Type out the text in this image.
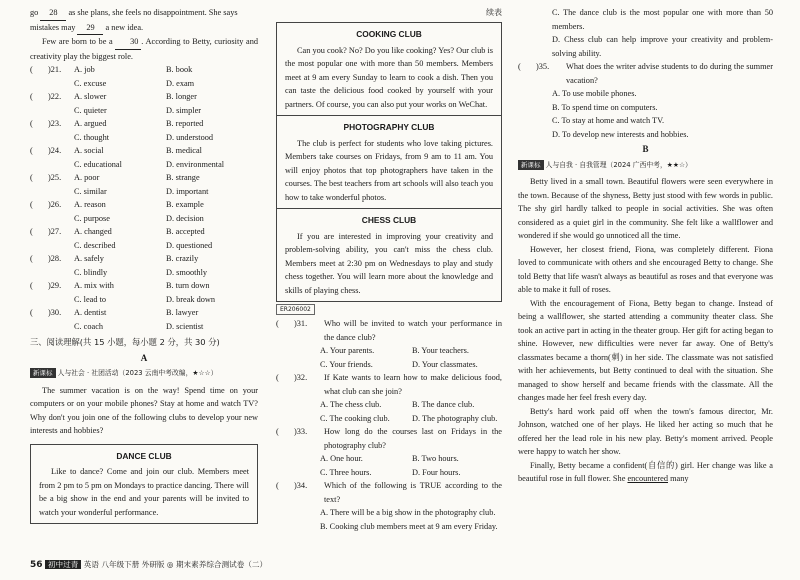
go 28 as she plans, she feels no disappointment. She says

mistakes may 29 a new idea.

Few are born to be a 30 . According to Betty, curiosity and creativity play the biggest role.

(	)21.	A. job	B. book
C. excuse	D. exam
(	)22.	A. slower	B. longer
C. quieter	D. simpler
(	)23.	A. argued	B. reported
C. thought	D. understood
(	)24.	A. social	B. medical
C. educational	D. environmental
(	)25.	A. poor	B. strange
C. similar	D. important
(	)26.	A. reason	B. example
C. purpose	D. decision
(	)27.	A. changed	B. accepted
C. described	D. questioned
(	)28.	A. safely	B. crazily
C. blindly	D. smoothly
(	)29.	A. mix with	B. turn down
C. lead to	D. break down
(	)30.	A. dentist	B. lawyer
C. coach	D. scientist

三、阅读理解(共 15 小题，每小题 2 分，共 30 分)

A

新课标 人与社会 · 社团活动（2023 云南中考改编，★☆☆）

The summer vacation is on the way! Spend time on your computers or on your mobile phones? Stay at home and watch TV? Why don't you join one of the following clubs to develop your new interests and hobbies?

DANCE CLUB

Like to dance? Come and join our club. Members meet from 2 pm to 5 pm on Mondays to practice dancing. There will be a big show in the end and your parents will be invited to watch your wonderful performance.

续表

COOKING CLUB

Can you cook? No? Do you like cooking? Yes? Our club is the most popular one with more than 50 members. Members meet at 9 am every Sunday to learn to cook a dish. Then you can taste the delicious food cooked by yourself with your partners. Of course, you can also put your works on WeChat.

PHOTOGRAPHY CLUB

The club is perfect for students who love taking pictures. Members take courses on Fridays, from 9 am to 11 am. You will enjoy photos that top photographers have taken in the courses. The best teachers from art schools will also teach you how to take wonderful photos.

CHESS CLUB

If you are interested in improving your creativity and problem-solving ability, you can't miss the chess club. Members meet at 2:30 pm on Wednesdays to play and study chess together. You will learn more about the knowledge and skills of playing chess.

ER206002
(	)31.	Who will be invited to watch your performance in the dance club?
A. Your parents.	B. Your teachers.
C. Your friends.	D. Your classmates.
(	)32.	If Kate wants to learn how to make delicious food, what club can she join?
A. The chess club.	B. The dance club.
C. The cooking club.	D. The photography club.
(	)33.	How long do the courses last on Fridays in the photography club?
A. One hour.	B. Two hours.
C. Three hours.	D. Four hours.
(	)34.	Which of the following is TRUE according to the text?
A. There will be a big show in the photography club.
B. Cooking club members meet at 9 am every Friday.

C. The dance club is the most popular one with more than 50 members.

D. Chess club can help improve your creativity and problem-solving ability.

(	)35.	What does the writer advise students to do during the summer vacation?

A. To use mobile phones.

B. To spend time on computers.

C. To stay at home and watch TV.

D. To develop new interests and hobbies.

B

新课标 人与自我 · 自我管理（2024 广西中考，★★☆）

Betty lived in a small town. Beautiful flowers were seen everywhere in the town. Because of the shyness, Betty just stood with few words in public. The shy girl hardly talked to people in social activities. She was often considered as a quiet girl in the community. She felt like a wallflower and wondered if she would go unnoticed all the time.

However, her closest friend, Fiona, was completely different. Fiona loved to communicate with others and she encouraged Betty to change. She told Betty that life wasn't always as beautiful as roses and that everyone was able to make it full of roses.

With the encouragement of Fiona, Betty began to change. Instead of being a wallflower, she started attending a community theater class. She took an active part in acting in the theater group. Her gift for acting began to shine. However, new difficulties were never far away. One of Betty's classmates became a thorn(刺) in her side. The classmate was not satisfied with her achievements, but Betty continued to deal with the situation. She managed to show herself and became friends with the classmate. All the changes made her feel fresh every day.

Betty's hard work paid off when the town's famous director, Mr. Johnson, watched one of her plays. He liked her acting so much that he offered her the lead role in his new play. Betty's moment arrived. People were happy to watch her show.

Finally, Betty became a confident(自信的) girl. Her change was like a beautiful rose in full flower. She encountered many

56 初中过青 英语 八年级下册 外研版 ◎ 期末素养综合测试卷（二）
